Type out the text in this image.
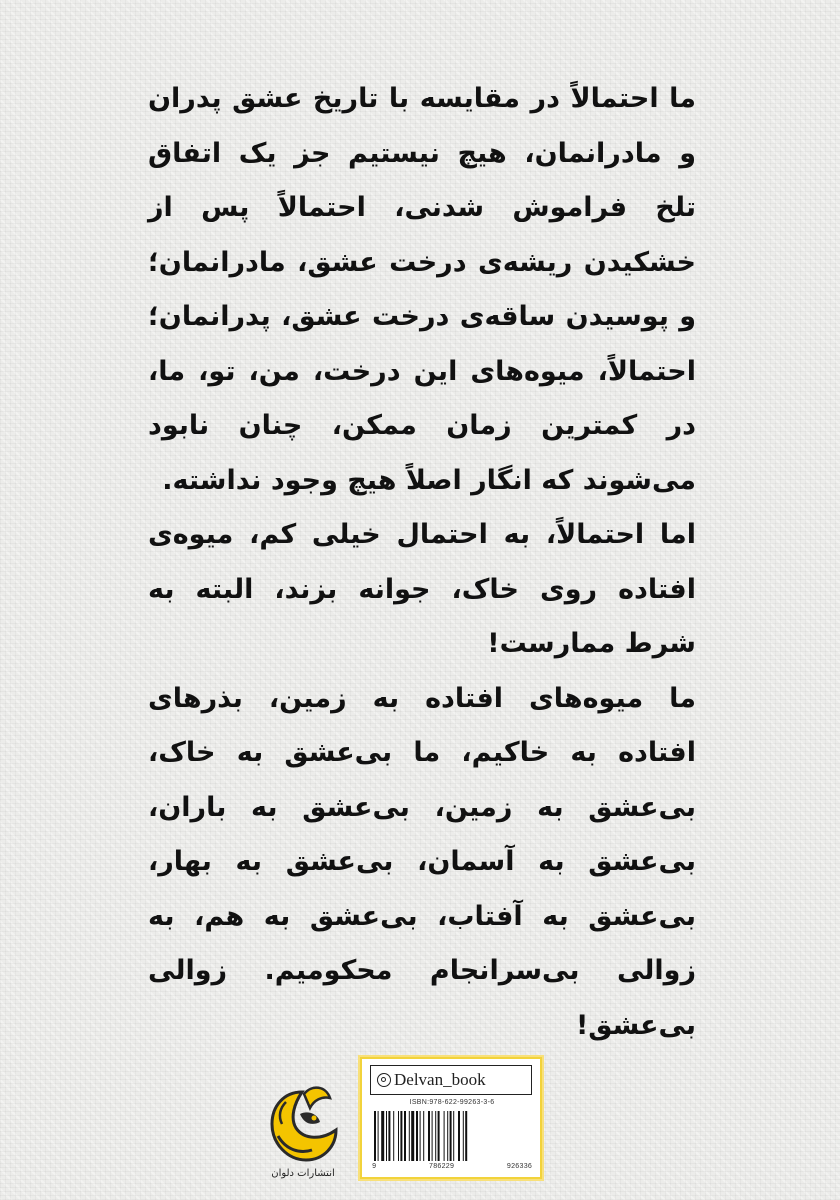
ما احتمالاً در مقایسه با تاریخ عشق پدران و مادرانمان، هیچ نیستیم جز یک اتفاق تلخ فراموش شدنی، احتمالاً پس از خشکیدن ریشه‌ی درخت عشق، مادرانمان؛ و پوسیدن ساقه‌ی درخت عشق، پدرانمان؛ احتمالاً، میوه‌های این درخت، من، تو، ما، در کمترین زمان ممکن، چنان نابود می‌شوند که انگار اصلاً هیچ وجود نداشته.

اما احتمالاً، به احتمال خیلی کم، میوه‌ی افتاده روی خاک، جوانه بزند، البته به شرط ممارست!

ما میوه‌های افتاده به زمین، بذرهای افتاده به خاکیم، ما بی‌عشق به خاک، بی‌عشق به زمین، بی‌عشق به باران، بی‌عشق به آسمان، بی‌عشق به بهار، بی‌عشق به آفتاب، بی‌عشق به هم، به زوالی بی‌سرانجام محکومیم. زوالی بی‌عشق!

انتشارات دلوان
Delvan_book
ISBN:978-622-99263-3-6
9	786229	926336
